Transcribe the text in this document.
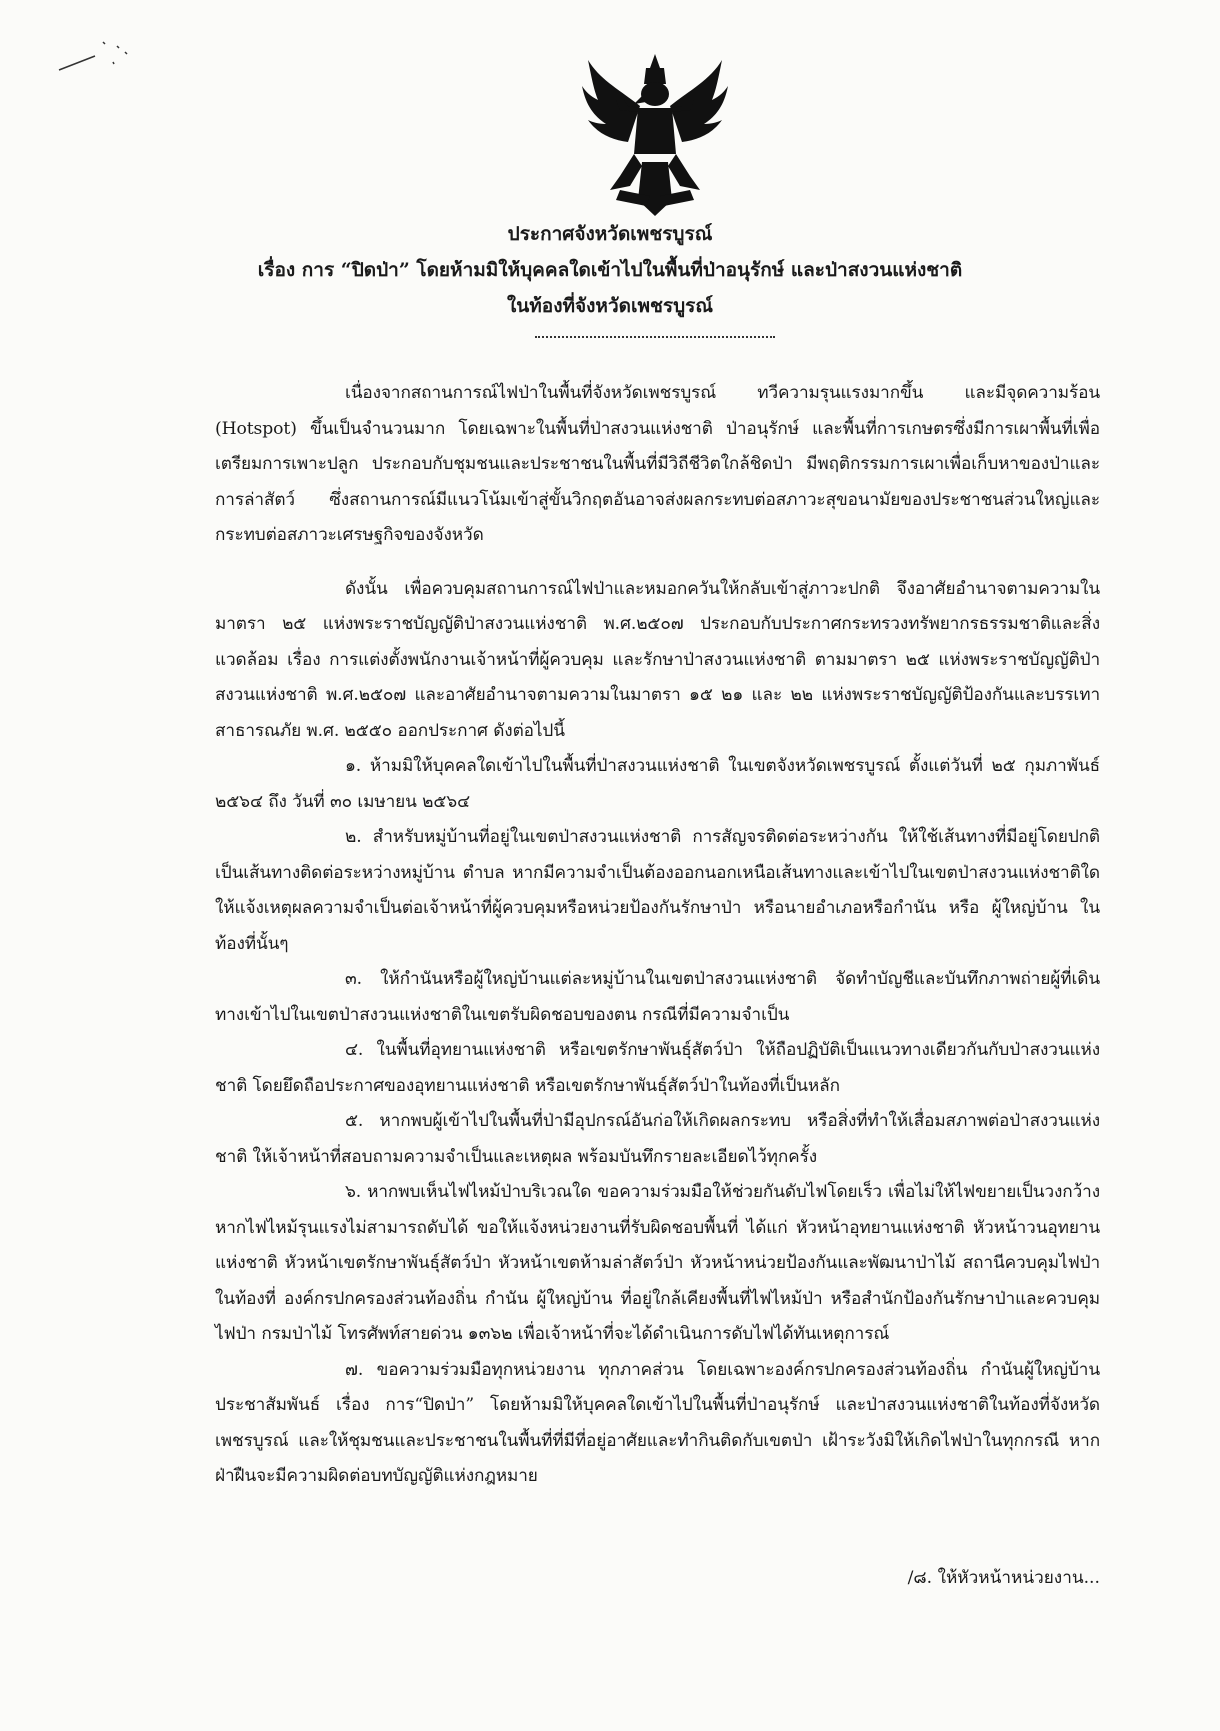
ประกาศจังหวัดเพชรบูรณ์
เรื่อง การ “ปิดป่า” โดยห้ามมิให้บุคคลใดเข้าไปในพื้นที่ป่าอนุรักษ์ และป่าสงวนแห่งชาติ
ในท้องที่จังหวัดเพชรบูรณ์

เนื่องจากสถานการณ์ไฟป่าในพื้นที่จังหวัดเพชรบูรณ์ ทวีความรุนแรงมากขึ้น และมีจุดความร้อน (Hotspot) ขึ้นเป็นจำนวนมาก โดยเฉพาะในพื้นที่ป่าสงวนแห่งชาติ ป่าอนุรักษ์ และพื้นที่การเกษตรซึ่งมีการเผาพื้นที่เพื่อเตรียมการเพาะปลูก ประกอบกับชุมชนและประชาชนในพื้นที่มีวิถีชีวิตใกล้ชิดป่า มีพฤติกรรมการเผาเพื่อเก็บหาของป่าและการล่าสัตว์ ซึ่งสถานการณ์มีแนวโน้มเข้าสู่ขั้นวิกฤตอันอาจส่งผลกระทบต่อสภาวะสุขอนามัยของประชาชนส่วนใหญ่และกระทบต่อสภาวะเศรษฐกิจของจังหวัด

ดังนั้น เพื่อควบคุมสถานการณ์ไฟป่าและหมอกควันให้กลับเข้าสู่ภาวะปกติ จึงอาศัยอำนาจตามความในมาตรา ๒๕ แห่งพระราชบัญญัติป่าสงวนแห่งชาติ พ.ศ.๒๕๐๗ ประกอบกับประกาศกระทรวงทรัพยากรธรรมชาติและสิ่งแวดล้อม เรื่อง การแต่งตั้งพนักงานเจ้าหน้าที่ผู้ควบคุม และรักษาป่าสงวนแห่งชาติ ตามมาตรา ๒๕ แห่งพระราชบัญญัติป่าสงวนแห่งชาติ พ.ศ.๒๕๐๗ และอาศัยอำนาจตามความในมาตรา ๑๕ ๒๑ และ ๒๒ แห่งพระราชบัญญัติป้องกันและบรรเทาสาธารณภัย พ.ศ. ๒๕๕๐ ออกประกาศ ดังต่อไปนี้

๑. ห้ามมิให้บุคคลใดเข้าไปในพื้นที่ป่าสงวนแห่งชาติ ในเขตจังหวัดเพชรบูรณ์ ตั้งแต่วันที่ ๒๕ กุมภาพันธ์ ๒๕๖๔ ถึง วันที่ ๓๐ เมษายน ๒๕๖๔

๒. สำหรับหมู่บ้านที่อยู่ในเขตป่าสงวนแห่งชาติ การสัญจรติดต่อระหว่างกัน ให้ใช้เส้นทางที่มีอยู่โดยปกติ เป็นเส้นทางติดต่อระหว่างหมู่บ้าน ตำบล หากมีความจำเป็นต้องออกนอกเหนือเส้นทางและเข้าไปในเขตป่าสงวนแห่งชาติใด ให้แจ้งเหตุผลความจำเป็นต่อเจ้าหน้าที่ผู้ควบคุมหรือหน่วยป้องกันรักษาป่า หรือนายอำเภอหรือกำนัน หรือ ผู้ใหญ่บ้าน ในท้องที่นั้นๆ

๓. ให้กำนันหรือผู้ใหญ่บ้านแต่ละหมู่บ้านในเขตป่าสงวนแห่งชาติ จัดทำบัญชีและบันทึกภาพถ่ายผู้ที่เดินทางเข้าไปในเขตป่าสงวนแห่งชาติในเขตรับผิดชอบของตน กรณีที่มีความจำเป็น

๔. ในพื้นที่อุทยานแห่งชาติ หรือเขตรักษาพันธุ์สัตว์ป่า ให้ถือปฏิบัติเป็นแนวทางเดียวกันกับป่าสงวนแห่งชาติ โดยยึดถือประกาศของอุทยานแห่งชาติ หรือเขตรักษาพันธุ์สัตว์ป่าในท้องที่เป็นหลัก

๕. หากพบผู้เข้าไปในพื้นที่ป่ามีอุปกรณ์อันก่อให้เกิดผลกระทบ หรือสิ่งที่ทำให้เสื่อมสภาพต่อป่าสงวนแห่งชาติ ให้เจ้าหน้าที่สอบถามความจำเป็นและเหตุผล พร้อมบันทึกรายละเอียดไว้ทุกครั้ง

๖. หากพบเห็นไฟไหม้ป่าบริเวณใด ขอความร่วมมือให้ช่วยกันดับไฟโดยเร็ว เพื่อไม่ให้ไฟขยายเป็นวงกว้าง หากไฟไหม้รุนแรงไม่สามารถดับได้ ขอให้แจ้งหน่วยงานที่รับผิดชอบพื้นที่ ได้แก่ หัวหน้าอุทยานแห่งชาติ หัวหน้าวนอุทยานแห่งชาติ หัวหน้าเขตรักษาพันธุ์สัตว์ป่า หัวหน้าเขตห้ามล่าสัตว์ป่า หัวหน้าหน่วยป้องกันและพัฒนาป่าไม้ สถานีควบคุมไฟป่าในท้องที่ องค์กรปกครองส่วนท้องถิ่น กำนัน ผู้ใหญ่บ้าน ที่อยู่ใกล้เคียงพื้นที่ไฟไหม้ป่า หรือสำนักป้องกันรักษาป่าและควบคุมไฟป่า กรมป่าไม้ โทรศัพท์สายด่วน ๑๓๖๒ เพื่อเจ้าหน้าที่จะได้ดำเนินการดับไฟได้ทันเหตุการณ์

๗. ขอความร่วมมือทุกหน่วยงาน ทุกภาคส่วน โดยเฉพาะองค์กรปกครองส่วนท้องถิ่น กำนันผู้ใหญ่บ้าน ประชาสัมพันธ์ เรื่อง การ“ปิดป่า” โดยห้ามมิให้บุคคลใดเข้าไปในพื้นที่ป่าอนุรักษ์ และป่าสงวนแห่งชาติในท้องที่จังหวัดเพชรบูรณ์ และให้ชุมชนและประชาชนในพื้นที่ที่มีที่อยู่อาศัยและทำกินติดกับเขตป่า เฝ้าระวังมิให้เกิดไฟป่าในทุกกรณี หากฝ่าฝืนจะมีความผิดต่อบทบัญญัติแห่งกฎหมาย

/๘. ให้หัวหน้าหน่วยงาน...
